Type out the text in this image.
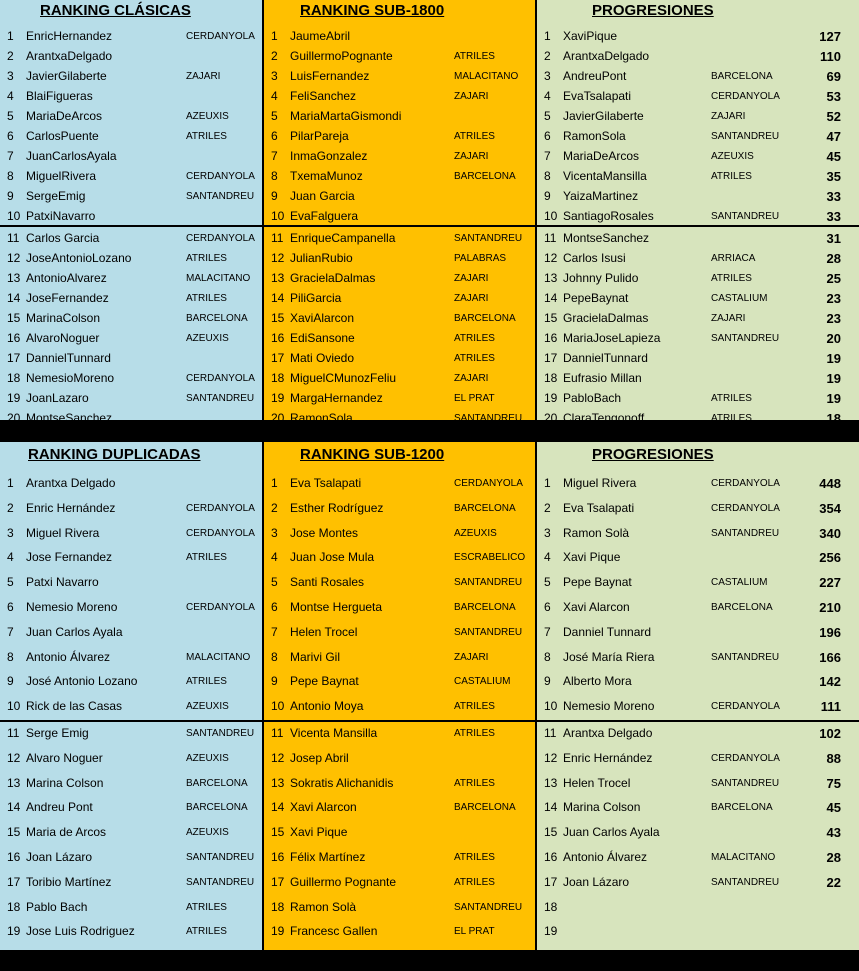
RANKING CLÁSICAS
1	EnricHernandez	CERDANYOLA
2	ArantxaDelgado
3	JavierGilaberte	ZAJARI
4	BlaiFigueras
5	MariaDeArcos	AZEUXIS
6	CarlosPuente	ATRILES
7	JuanCarlosAyala
8	MiguelRivera	CERDANYOLA
9	SergeEmig	SANTANDREU
10 PatxiNavarro
11 Carlos Garcia	CERDANYOLA
12 JoseAntonioLozano	ATRILES
13 AntonioAlvarez	MALACITANO
14 JoseFernandez	ATRILES
15 MarinaColson	BARCELONA
16 AlvaroNoguer	AZEUXIS
17 DannielTunnard
18 NemesioMoreno	CERDANYOLA
19 JoanLazaro	SANTANDREU
20 MontseSanchez
RANKING SUB-1800
1	JaumeAbril
2	GuillermoPognante	ATRILES
3	LuisFernandez	MALACITANO
4	FeliSanchez	ZAJARI
5	MariaMartaGismondi
6	PilarPareja	ATRILES
7	InmaGonzalez	ZAJARI
8	TxemaMunoz	BARCELONA
9	Juan Garcia
10 EvaFalguera
11 EnriqueCampanella	SANTANDREU
12 JulianRubio	PALABRAS
13 GracielaDalmas	ZAJARI
14 PiliGarcia	ZAJARI
15 XaviAlarcon	BARCELONA
16 EdiSansone	ATRILES
17 Mati Oviedo	ATRILES
18 MiguelCMunozFeliu	ZAJARI
19 MargaHernandez	EL PRAT
20 RamonSola	SANTANDREU
PROGRESIONES
1	XaviPique	127
2	ArantxaDelgado	110
3	AndreuPont	BARCELONA	69
4	EvaTsalapati	CERDANYOLA	53
5	JavierGilaberte	ZAJARI	52
6	RamonSola	SANTANDREU	47
7	MariaDeArcos	AZEUXIS	45
8	VicentaMansilla	ATRILES	35
9	YaizaMartinez	33
10 SantiagoRosales	SANTANDREU	33
11 MontseSanchez	31
12 Carlos Isusi	ARRIACA	28
13 Johnny Pulido	ATRILES	25
14 PepeBaynat	CASTALIUM	23
15 GracielaDalmas	ZAJARI	23
16 MariaJoseLapieza	SANTANDREU	20
17 DannielTunnard	19
18 Eufrasio Millan	19
19 PabloBach	ATRILES	19
20 ClaraTengonoff	ATRILES	18
RANKING DUPLICADAS
1	Arantxa Delgado
2	Enric Hernández	CERDANYOLA
3	Miguel Rivera	CERDANYOLA
4	Jose Fernandez	ATRILES
5	Patxi Navarro
6	Nemesio Moreno	CERDANYOLA
7	Juan Carlos Ayala
8	Antonio Álvarez	MALACITANO
9	José Antonio Lozano	ATRILES
10 Rick de las Casas	AZEUXIS
11 Serge Emig	SANTANDREU
12 Alvaro Noguer	AZEUXIS
13 Marina Colson	BARCELONA
14 Andreu Pont	BARCELONA
15 Maria de Arcos	AZEUXIS
16 Joan Lázaro	SANTANDREU
17 Toribio Martínez	SANTANDREU
18 Pablo Bach	ATRILES
19 Jose Luis Rodriguez	ATRILES
20 Yaiza Martínez
RANKING SUB-1200
1	Eva Tsalapati	CERDANYOLA
2	Esther Rodríguez	BARCELONA
3	Jose Montes	AZEUXIS
4	Juan Jose Mula	ESCRABELICO
5	Santi Rosales	SANTANDREU
6	Montse Hergueta	BARCELONA
7	Helen Trocel	SANTANDREU
8	Marivi Gil	ZAJARI
9	Pepe Baynat	CASTALIUM
10 Antonio Moya	ATRILES
11 Vicenta Mansilla	ATRILES
12 Josep Abril
13 Sokratis Alichanidis	ATRILES
14 Xavi Alarcon	BARCELONA
15 Xavi Pique
16 Félix Martínez	ATRILES
17 Guillermo Pognante	ATRILES
18 Ramon Solà	SANTANDREU
19 Francesc Gallen	EL PRAT
20 Luisa Lopez	ATRILES
PROGRESIONES
1	Miguel Rivera	CERDANYOLA	448
2	Eva Tsalapati	CERDANYOLA	354
3	Ramon Solà	SANTANDREU	340
4	Xavi Pique	256
5	Pepe Baynat	CASTALIUM	227
6	Xavi Alarcon	BARCELONA	210
7	Danniel Tunnard	196
8	José María Riera	SANTANDREU	166
9	Alberto Mora	142
10 Nemesio Moreno	CERDANYOLA	111
11 Arantxa Delgado	102
12 Enric Hernández	CERDANYOLA	88
13 Helen Trocel	SANTANDREU	75
14 Marina Colson	BARCELONA	45
15 Juan Carlos Ayala	43
16 Antonio Álvarez	MALACITANO	28
17 Joan Lázaro	SANTANDREU	22
18
19
20
